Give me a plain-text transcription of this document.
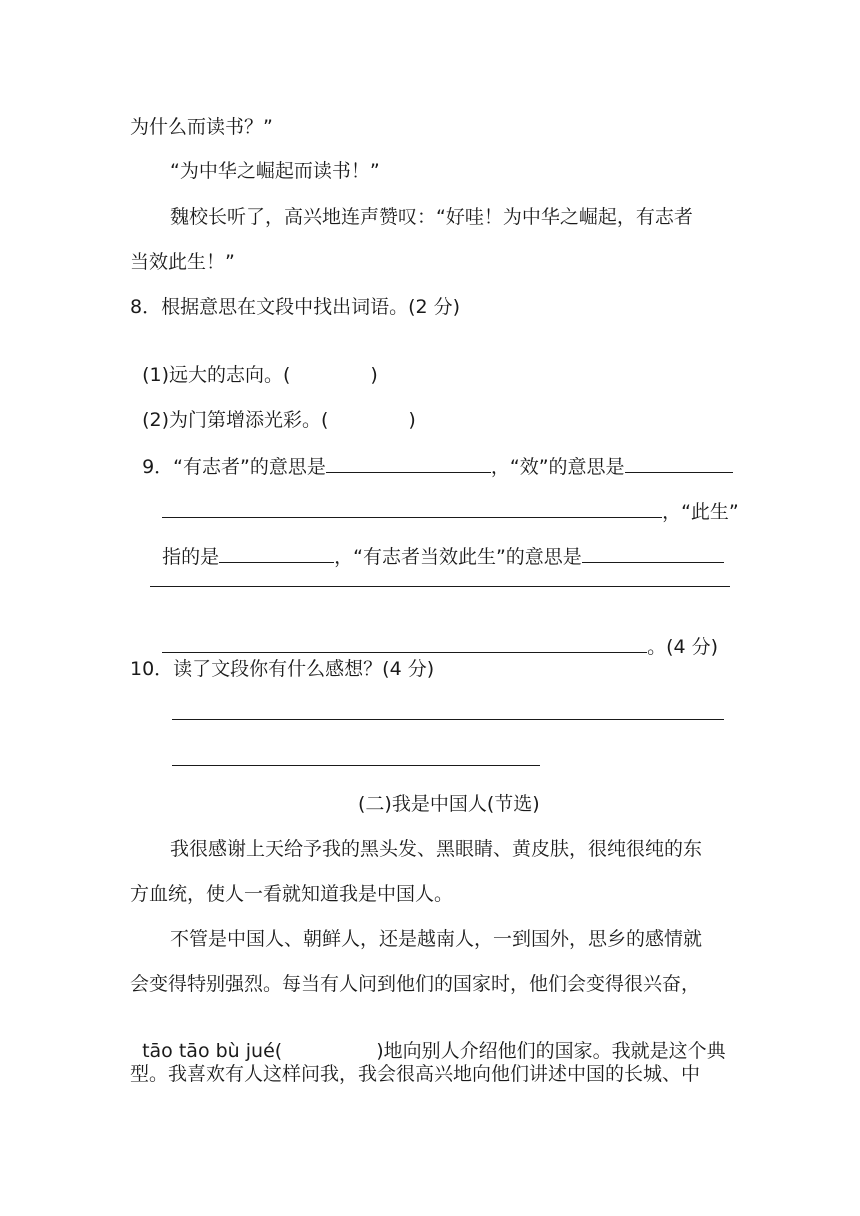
为什么而读书？”
“为中华之崛起而读书！”
魏校长听了，高兴地连声赞叹：“好哇！为中华之崛起，有志者
当效此生！”
8．根据意思在文段中找出词语。(2 分)

(1)远大的志向。(	)

(2)为门第增添光彩。(	)

9．“有志者”的意思是	，“效”的意思是

，“此生”

指的是	，“有志者当效此生”的意思是

。(4 分)

10．读了文段你有什么感想？(4 分)
(二)我是中国人(节选)
我很感谢上天给予我的黑头发、黑眼睛、黄皮肤，很纯很纯的东
方血统，使人一看就知道我是中国人。
不管是中国人、朝鲜人，还是越南人，一到国外，思乡的感情就
会变得特别强烈。每当有人问到他们的国家时，他们会变得很兴奋，

tāo tāo bù jué(	)地向别人介绍他们的国家。我就是这个典

型。我喜欢有人这样问我，我会很高兴地向他们讲述中国的长城、中
